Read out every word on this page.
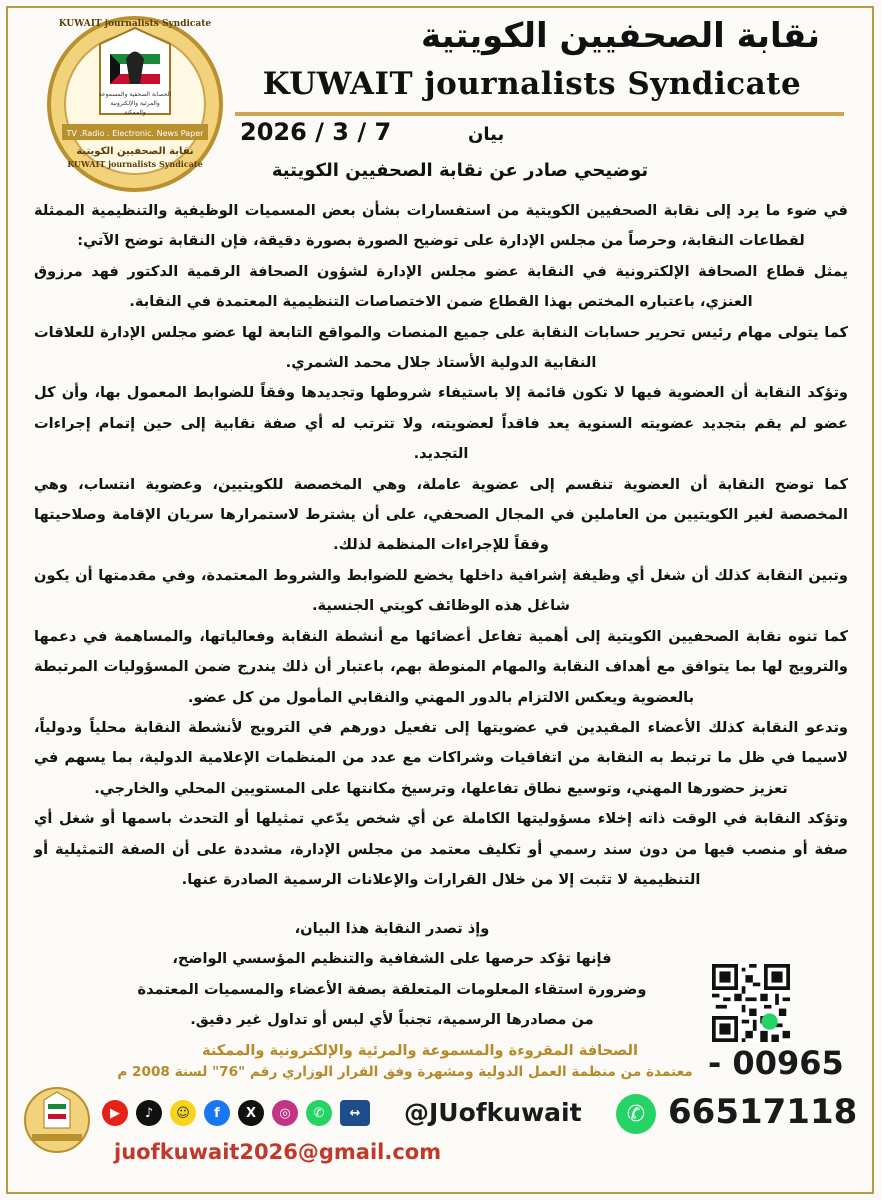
TV .Radio . Electronic. News Paper
نقابة الصحفيين الكويتية
KUWAIT journalists Syndicate
الحصانة الصحفية والمسموعة
والمرئية والإلكترونية
والممكنة
KUWAIT journalists Syndicate	نقابة الصحفيين الكويتية
KUWAIT journalists Syndicate
2026 / 3 / 7	بيان
توضيحي صادر عن نقابة الصحفيين الكويتية

في ضوء ما يرد إلى نقابة الصحفيين الكويتية من استفسارات بشأن بعض المسميات الوظيفية والتنظيمية الممثلة لقطاعات النقابة، وحرصاً من مجلس الإدارة على توضيح الصورة بصورة دقيقة، فإن النقابة توضح الآتي:

يمثل قطاع الصحافة الإلكترونية في النقابة عضو مجلس الإدارة لشؤون الصحافة الرقمية الدكتور فهد مرزوق العنزي، باعتباره المختص بهذا القطاع ضمن الاختصاصات التنظيمية المعتمدة في النقابة.

كما يتولى مهام رئيس تحرير حسابات النقابة على جميع المنصات والمواقع التابعة لها عضو مجلس الإدارة للعلاقات النقابية الدولية الأستاذ جلال محمد الشمري.

وتؤكد النقابة أن العضوية فيها لا تكون قائمة إلا باستيفاء شروطها وتجديدها وفقاً للضوابط المعمول بها، وأن كل عضو لم يقم بتجديد عضويته السنوية يعد فاقداً لعضويته، ولا تترتب له أي صفة نقابية إلى حين إتمام إجراءات التجديد.

كما توضح النقابة أن العضوية تنقسم إلى عضوية عاملة، وهي المخصصة للكويتيين، وعضوية انتساب، وهي المخصصة لغير الكويتيين من العاملين في المجال الصحفي، على أن يشترط لاستمرارها سريان الإقامة وصلاحيتها وفقاً للإجراءات المنظمة لذلك.

وتبين النقابة كذلك أن شغل أي وظيفة إشرافية داخلها يخضع للضوابط والشروط المعتمدة، وفي مقدمتها أن يكون شاغل هذه الوظائف كويتي الجنسية.

كما تنوه نقابة الصحفيين الكويتية إلى أهمية تفاعل أعضائها مع أنشطة النقابة وفعالياتها، والمساهمة في دعمها والترويج لها بما يتوافق مع أهداف النقابة والمهام المنوطة بهم، باعتبار أن ذلك يندرج ضمن المسؤوليات المرتبطة بالعضوية ويعكس الالتزام بالدور المهني والنقابي المأمول من كل عضو.

وتدعو النقابة كذلك الأعضاء المقيدين في عضويتها إلى تفعيل دورهم في الترويج لأنشطة النقابة محلياً ودولياً، لاسيما في ظل ما ترتبط به النقابة من اتفاقيات وشراكات مع عدد من المنظمات الإعلامية الدولية، بما يسهم في تعزيز حضورها المهني، وتوسيع نطاق تفاعلها، وترسيخ مكانتها على المستويين المحلي والخارجي.

وتؤكد النقابة في الوقت ذاته إخلاء مسؤوليتها الكاملة عن أي شخص يدّعي تمثيلها أو التحدث باسمها أو شغل أي صفة أو منصب فيها من دون سند رسمي أو تكليف معتمد من مجلس الإدارة، مشددة على أن الصفة التمثيلية أو التنظيمية لا تثبت إلا من خلال القرارات والإعلانات الرسمية الصادرة عنها.

وإذ تصدر النقابة هذا البيان،
فإنها تؤكد حرصها على الشفافية والتنظيم المؤسسي الواضح،
وضرورة استقاء المعلومات المتعلقة بصفة الأعضاء والمسميات المعتمدة
من مصادرها الرسمية، تجنباً لأي لبس أو تداول غير دقيق.
الصحافة المقروءة والمسموعة والمرئية والإلكترونية والممكنة
معتمدة من منظمة العمل الدولية ومشهرة وفق القرار الوزاري رقم "76" لسنة 2008 م - 00965
✆ 66517118
@JUofkuwait
juofkuwait2026@gmail.com
▶	♪	☺	f	X	◎	✆	↔
